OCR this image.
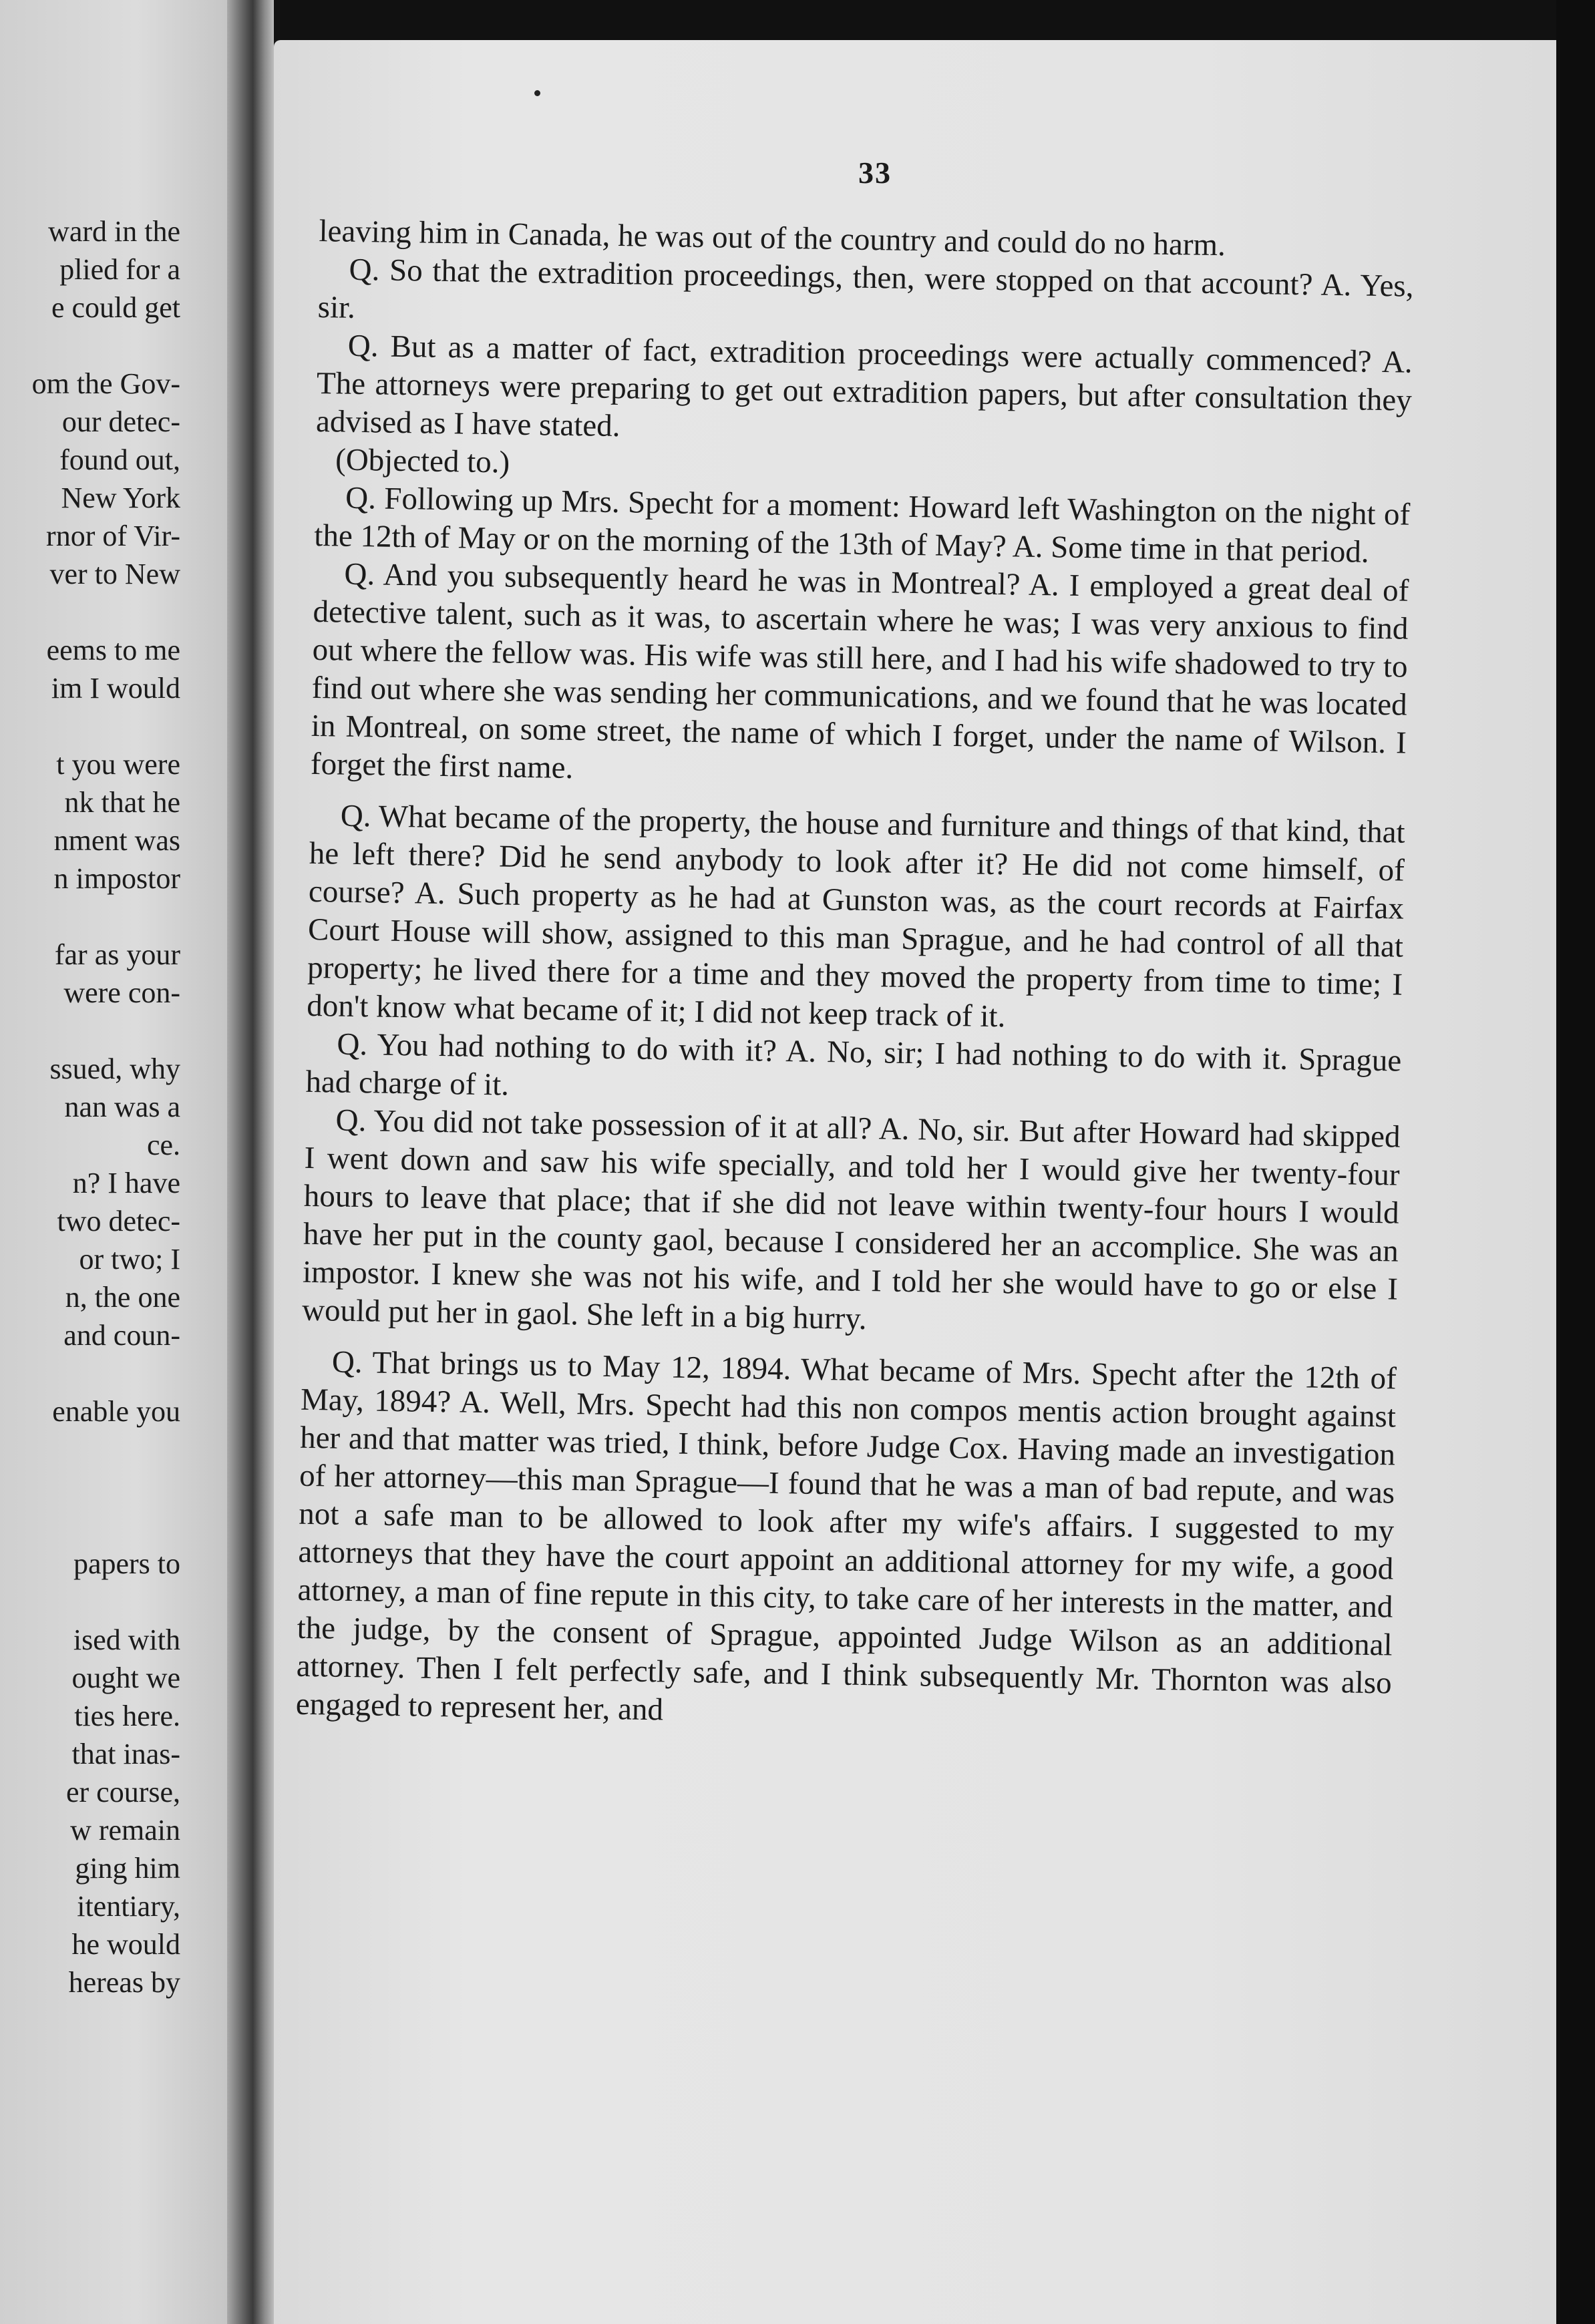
ward in the
plied for a
e could get

om the Gov-
our detec-
found out,
New York
rnor of Vir-
ver to New

eems to me
im I would

t you were
nk that he
nment was
n impostor

far as your
were con-

ssued, why
nan was a
ce.
n? I have
two detec-
or two; I
n, the one
and coun-

enable you

papers to

ised with
ought we
ties here.
that inas-
er course,
w remain
ging him
itentiary,
he would
hereas by
33

leaving him in Canada, he was out of the country and could do no harm.

Q. So that the extradition proceedings, then, were stopped on that account? A. Yes, sir.

Q. But as a matter of fact, extradition proceedings were actually commenced? A. The attorneys were preparing to get out extradition papers, but after consultation they advised as I have stated.

(Objected to.)

Q. Following up Mrs. Specht for a moment: Howard left Washington on the night of the 12th of May or on the morning of the 13th of May? A. Some time in that period.

Q. And you subsequently heard he was in Montreal? A. I employed a great deal of detective talent, such as it was, to ascertain where he was; I was very anxious to find out where the fellow was. His wife was still here, and I had his wife shadowed to try to find out where she was sending her communications, and we found that he was located in Montreal, on some street, the name of which I forget, under the name of Wilson. I forget the first name.

Q. What became of the property, the house and furniture and things of that kind, that he left there? Did he send anybody to look after it? He did not come himself, of course? A. Such property as he had at Gunston was, as the court records at Fairfax Court House will show, assigned to this man Sprague, and he had control of all that property; he lived there for a time and they moved the property from time to time; I don't know what became of it; I did not keep track of it.

Q. You had nothing to do with it? A. No, sir; I had nothing to do with it. Sprague had charge of it.

Q. You did not take possession of it at all? A. No, sir. But after Howard had skipped I went down and saw his wife specially, and told her I would give her twenty-four hours to leave that place; that if she did not leave within twenty-four hours I would have her put in the county gaol, because I considered her an accomplice. She was an impostor. I knew she was not his wife, and I told her she would have to go or else I would put her in gaol. She left in a big hurry.

Q. That brings us to May 12, 1894. What became of Mrs. Specht after the 12th of May, 1894? A. Well, Mrs. Specht had this non compos mentis action brought against her and that matter was tried, I think, before Judge Cox. Having made an investigation of her attorney—this man Sprague—I found that he was a man of bad repute, and was not a safe man to be allowed to look after my wife's affairs. I suggested to my attorneys that they have the court appoint an additional attorney for my wife, a good attorney, a man of fine repute in this city, to take care of her interests in the matter, and the judge, by the consent of Sprague, appointed Judge Wilson as an additional attorney. Then I felt perfectly safe, and I think subsequently Mr. Thornton was also engaged to represent her, and
